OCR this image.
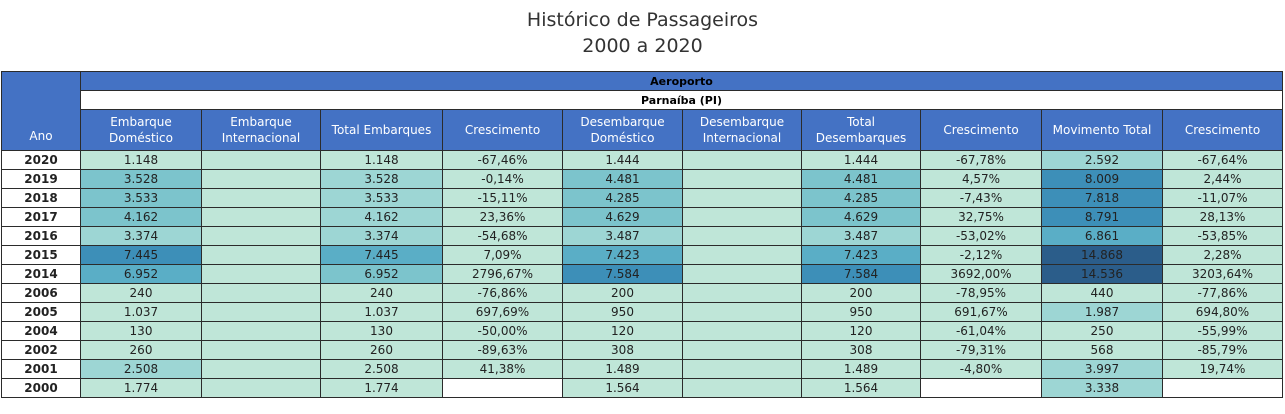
Histórico de Passageiros
2000 a 2020
Ano	Aeroporto									
	Parnaíba (PI)									
	Embarque Doméstico	Embarque Internacional	Total Embarques	Crescimento	Desembarque Doméstico	Desembarque Internacional	Total Desembarques	Crescimento	Movimento Total	Crescimento
2020	1.148		1.148	-67,46%	1.444		1.444	-67,78%	2.592	-67,64%
2019	3.528		3.528	-0,14%	4.481		4.481	4,57%	8.009	2,44%
2018	3.533		3.533	-15,11%	4.285		4.285	-7,43%	7.818	-11,07%
2017	4.162		4.162	23,36%	4.629		4.629	32,75%	8.791	28,13%
2016	3.374		3.374	-54,68%	3.487		3.487	-53,02%	6.861	-53,85%
2015	7.445		7.445	7,09%	7.423		7.423	-2,12%	14.868	2,28%
2014	6.952		6.952	2796,67%	7.584		7.584	3692,00%	14.536	3203,64%
2006	240		240	-76,86%	200		200	-78,95%	440	-77,86%
2005	1.037		1.037	697,69%	950		950	691,67%	1.987	694,80%
2004	130		130	-50,00%	120		120	-61,04%	250	-55,99%
2002	260		260	-89,63%	308		308	-79,31%	568	-85,79%
2001	2.508		2.508	41,38%	1.489		1.489	-4,80%	3.997	19,74%
2000	1.774		1.774		1.564		1.564		3.338	
